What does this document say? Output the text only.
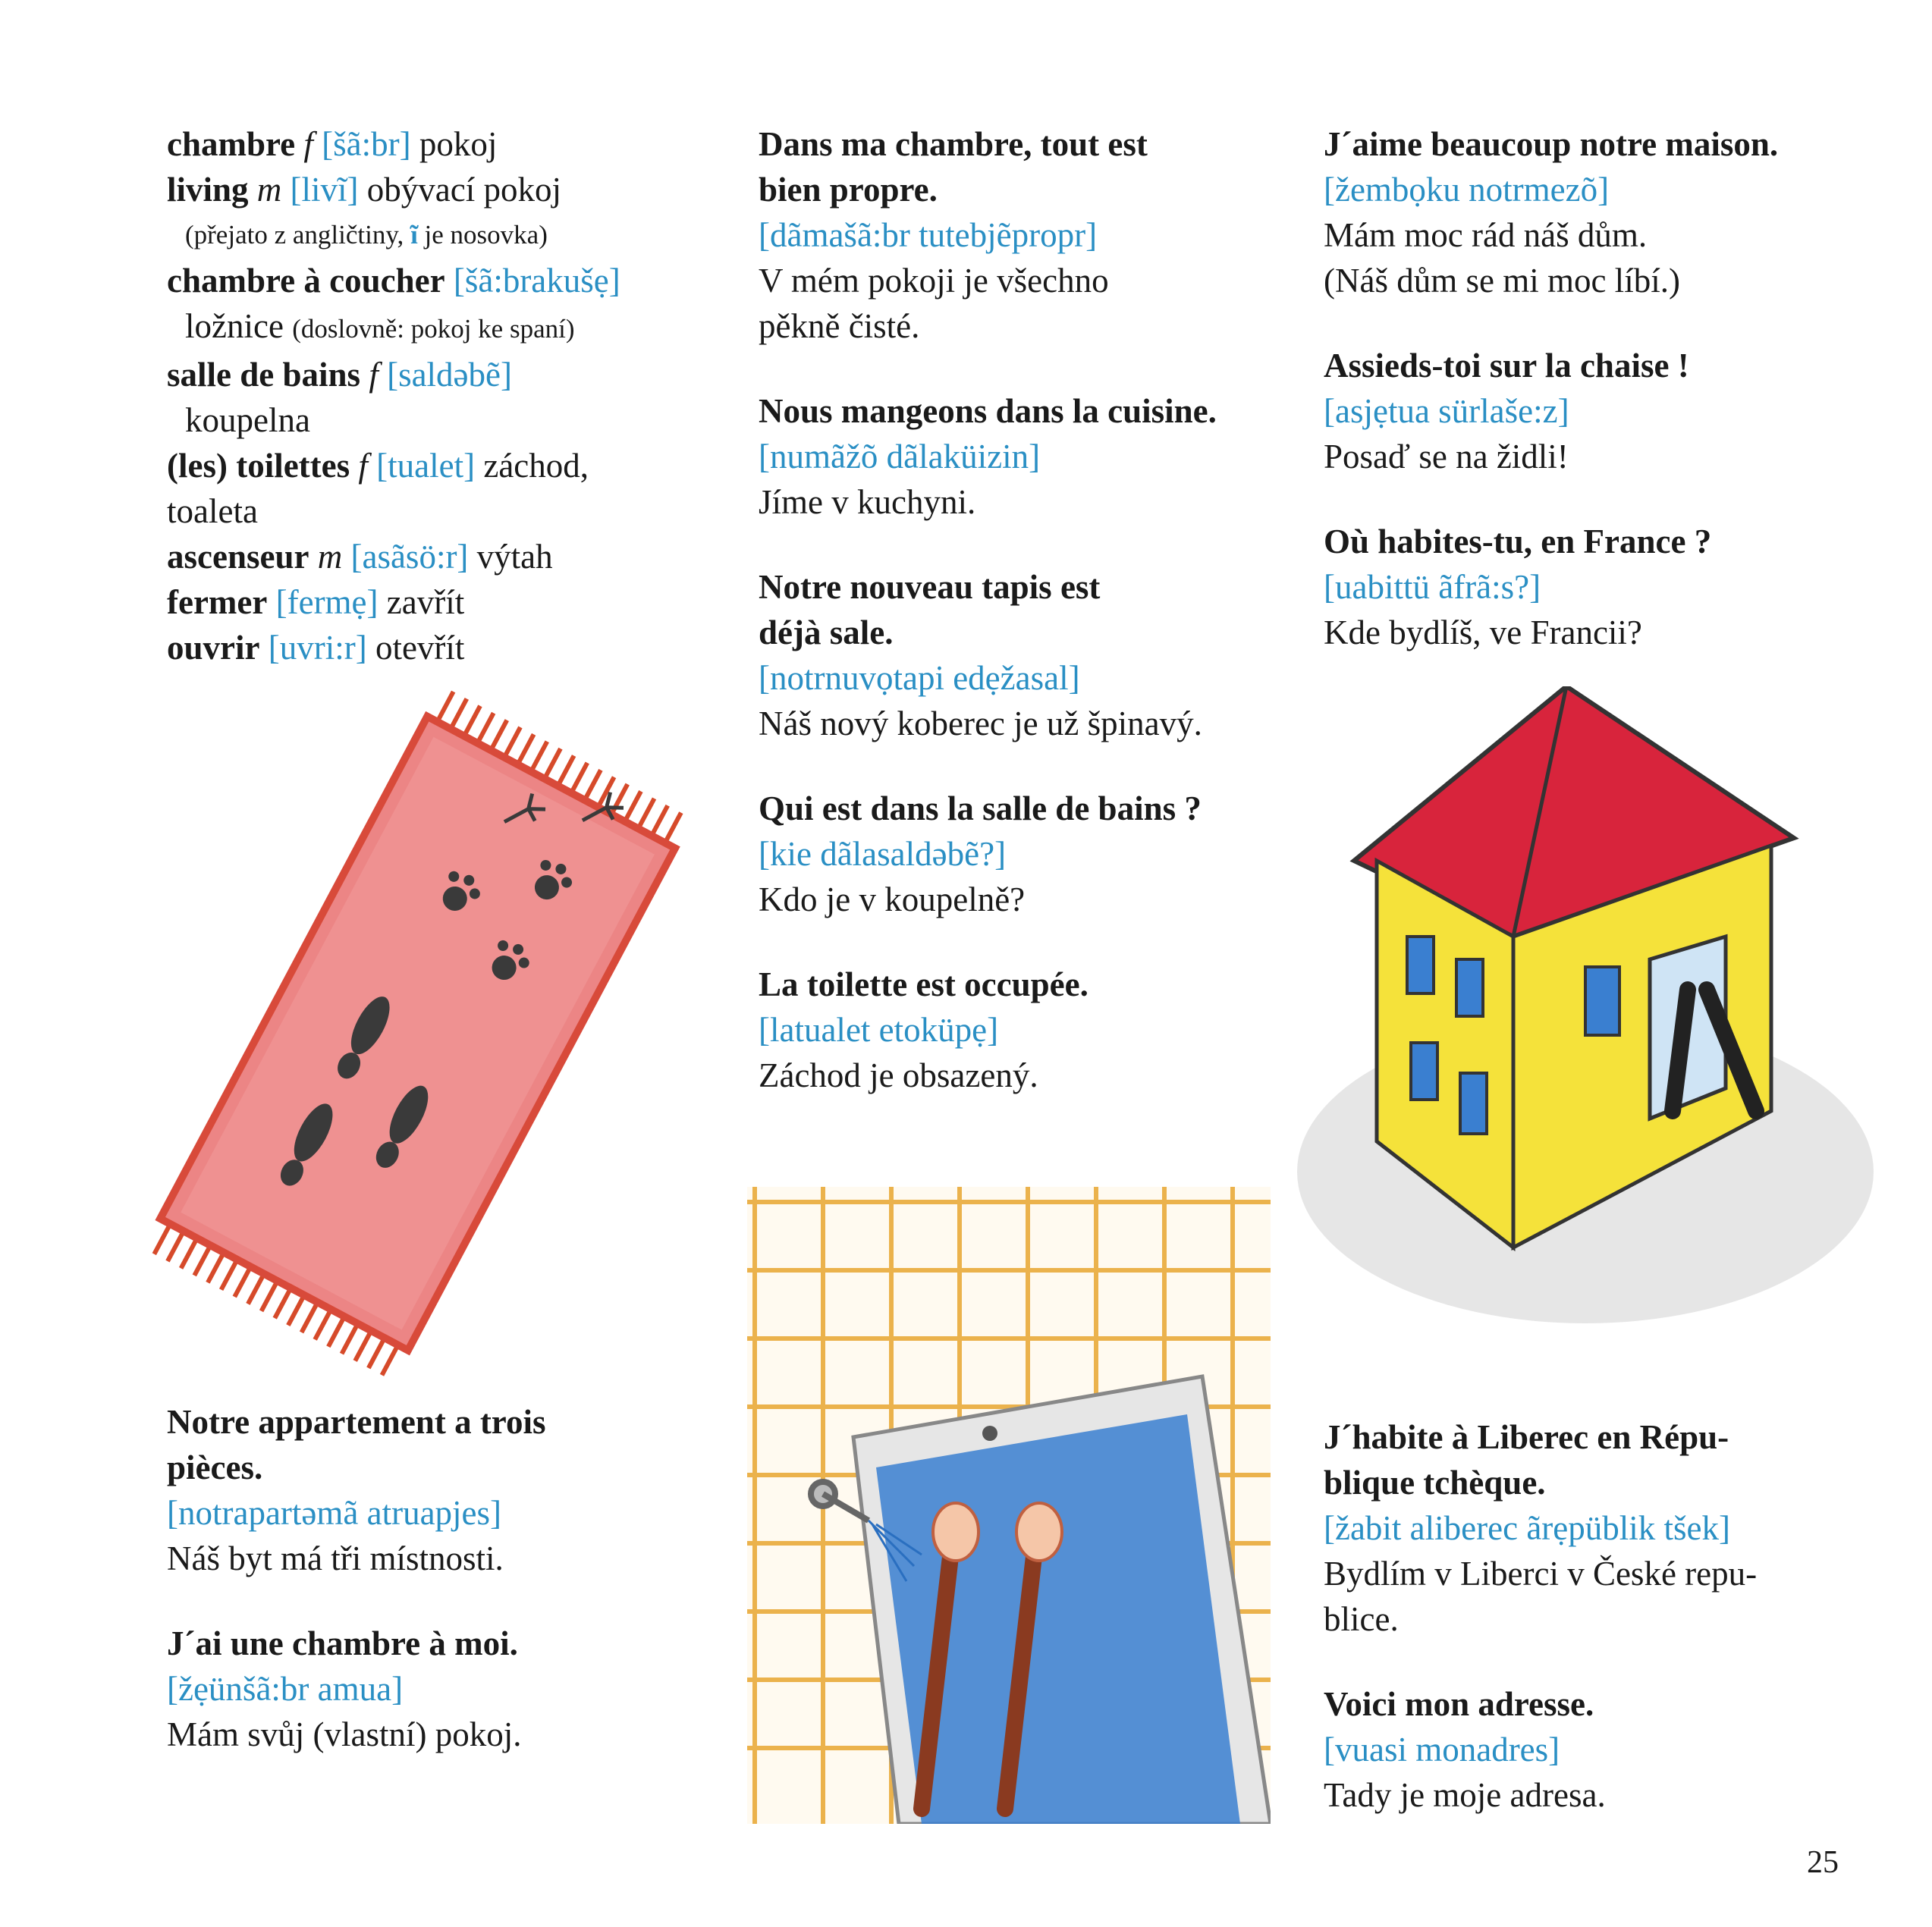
chambre f [šã:br] pokoj
living m [livĩ] obývací pokoj
(přejato z angličtiny, ĩ je nosovka)
chambre à coucher [šã:brakušẹ]
ložnice (doslovně: pokoj ke spaní)
salle de bains f [saldəbẽ]
koupelna
(les) toilettes f [tualet] záchod,
toaleta
ascenseur m [asãsö:r] výtah
fermer [fermẹ] zavřít
ouvrir [uvri:r] otevřít
Notre appartement a trois
pièces.
[notrapartəmã atruapjes]
Náš byt má tři místnosti.
J´ai une chambre à moi.
[žẹünšã:br amua]
Mám svůj (vlastní) pokoj.
Dans ma chambre, tout est
bien propre.
[dãmašã:br tutebjẽpropr]
V mém pokoji je všechno
pěkně čisté.
Nous mangeons dans la cuisine.
[numãžõ dãlaküizin]
Jíme v kuchyni.
Notre nouveau tapis est
déjà sale.
[notrnuvọtapi edẹžasal]
Náš nový koberec je už špinavý.
Qui est dans la salle de bains ?
[kie dãlasaldəbẽ?]
Kdo je v koupelně?
La toilette est occupée.
[latualet etoküpẹ]
Záchod je obsazený.
J´aime beaucoup notre maison.
[žembọku notrmezõ]
Mám moc rád náš dům.
(Náš dům se mi moc líbí.)
Assieds-toi sur la chaise !
[asjẹtua sürlaše:z]
Posaď se na židli!
Où habites-tu, en France ?
[uabittü ãfrã:s?]
Kde bydlíš, ve Francii?
J´habite à Liberec en Répu-
blique tchèque.
[žabit aliberec ãrẹpüblik tšek]
Bydlím v Liberci v České repu-
blice.
Voici mon adresse.
[vuasi monadres]
Tady je moje adresa.
25
